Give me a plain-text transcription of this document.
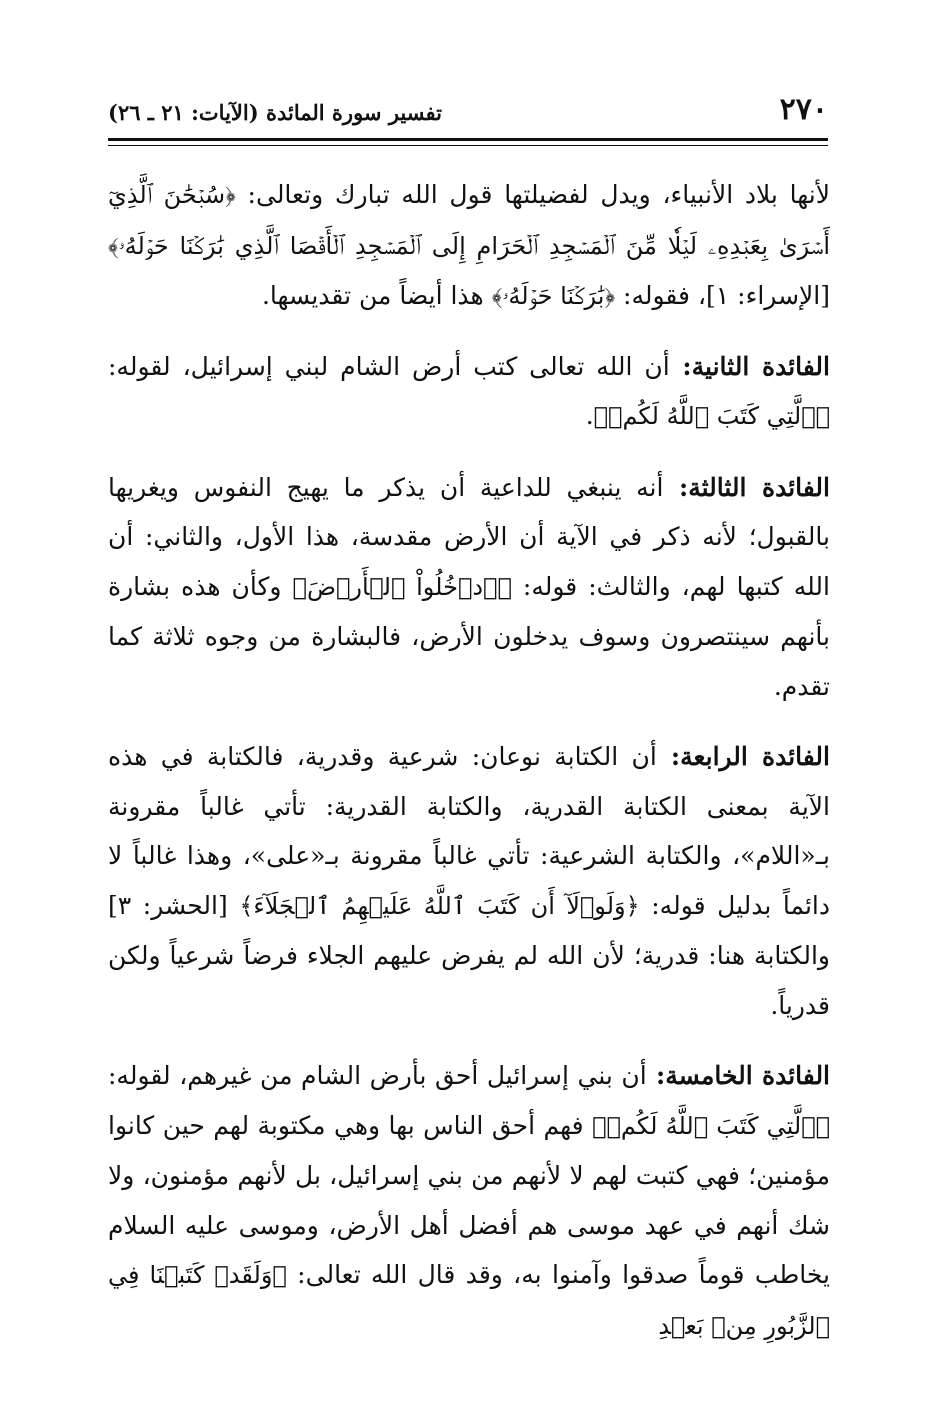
٢٧٠
تفسير سورة المائدة (الآيات: ٢١ ـ ٢٦)

لأنها بلاد الأنبياء، ويدل لفضيلتها قول الله تبارك وتعالى: ﴿سُبۡحَٰنَ ٱلَّذِيٓ أَسۡرَىٰ بِعَبۡدِهِۦ لَيۡلٗا مِّنَ ٱلۡمَسۡجِدِ ٱلۡحَرَامِ إِلَى ٱلۡمَسۡجِدِ ٱلۡأَقۡصَا ٱلَّذِي بَٰرَكۡنَا حَوۡلَهُۥ﴾ [الإسراء: ١]، فقوله: ﴿بَٰرَكۡنَا حَوۡلَهُۥ﴾ هذا أيضاً من تقديسها.

الفائدة الثانية: أن الله تعالى كتب أرض الشام لبني إسرائيل، لقوله: ﴿ٱلَّتِي كَتَبَ ٱللَّهُ لَكُمۡ﴾.

الفائدة الثالثة: أنه ينبغي للداعية أن يذكر ما يهيج النفوس ويغريها بالقبول؛ لأنه ذكر في الآية أن الأرض مقدسة، هذا الأول، والثاني: أن الله كتبها لهم، والثالث: قوله: ﴿ٱدۡخُلُواْ ٱلۡأَرۡضَ﴾ وكأن هذه بشارة بأنهم سينتصرون وسوف يدخلون الأرض، فالبشارة من وجوه ثلاثة كما تقدم.

الفائدة الرابعة: أن الكتابة نوعان: شرعية وقدرية، فالكتابة في هذه الآية بمعنى الكتابة القدرية، والكتابة القدرية: تأتي غالباً مقرونة بـ«اللام»، والكتابة الشرعية: تأتي غالباً مقرونة بـ«على»، وهذا غالباً لا دائماً بدليل قوله: ﴿وَلَوۡلَآ أَن كَتَبَ ٱللَّهُ عَلَيۡهِمُ ٱلۡجَلَآءَ﴾ [الحشر: ٣] والكتابة هنا: قدرية؛ لأن الله لم يفرض عليهم الجلاء فرضاً شرعياً ولكن قدرياً.

الفائدة الخامسة: أن بني إسرائيل أحق بأرض الشام من غيرهم، لقوله: ﴿ٱلَّتِي كَتَبَ ٱللَّهُ لَكُمۡ﴾ فهم أحق الناس بها وهي مكتوبة لهم حين كانوا مؤمنين؛ فهي كتبت لهم لا لأنهم من بني إسرائيل، بل لأنهم مؤمنون، ولا شك أنهم في عهد موسى هم أفضل أهل الأرض، وموسى عليه السلام يخاطب قوماً صدقوا وآمنوا به، وقد قال الله تعالى: ﴿وَلَقَدۡ كَتَبۡنَا فِي ٱلزَّبُورِ مِنۢ بَعۡدِ
